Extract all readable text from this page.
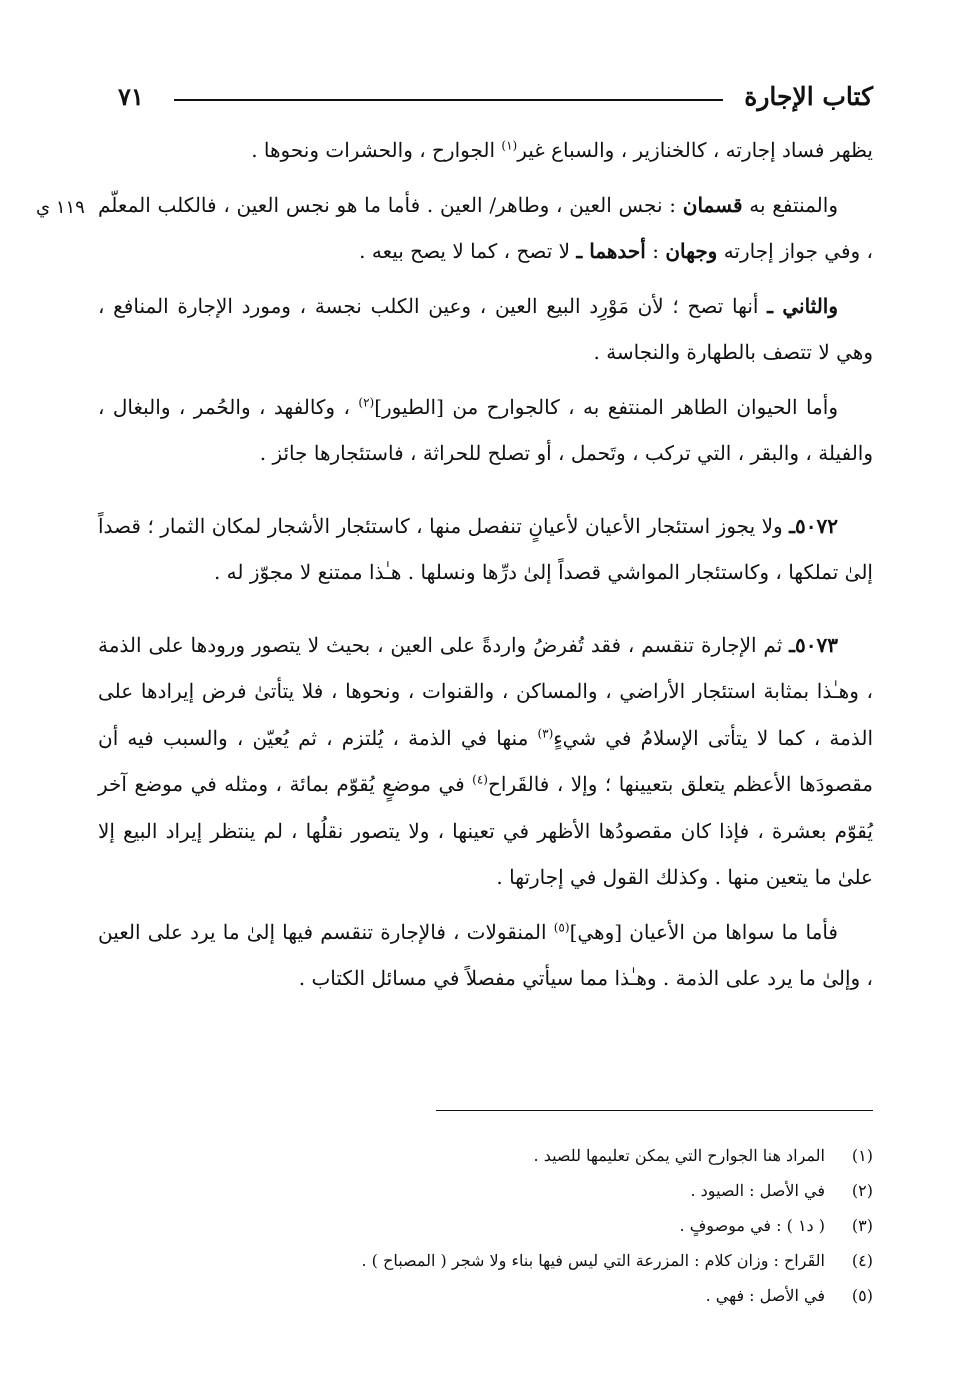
كتاب الإجارة
٧١
١١٩ ي

يظهر فساد إجارته ، كالخنازير ، والسباع غير$^{(١)}$ الجوارح ، والحشرات ونحوها .

والمنتفع به قسمان : نجس العين ، وطاهر/ العين . فأما ما هو نجس العين ، فالكلب المعلّم ، وفي جواز إجارته وجهان : أحدهما ـ لا تصح ، كما لا يصح بيعه .

والثاني ـ أنها تصح ؛ لأن مَوْرِد البيع العين ، وعين الكلب نجسة ، ومورد الإجارة المنافع ، وهي لا تتصف بالطهارة والنجاسة .

وأما الحيوان الطاهر المنتفع به ، كالجوارح من [الطيور]$^{(٢)}$ ، وكالفهد ، والحُمر ، والبغال ، والفيلة ، والبقر ، التي تركب ، وتَحمل ، أو تصلح للحراثة ، فاستئجارها جائز .

٥٠٧٢ـ ولا يجوز استئجار الأعيان لأعيانٍ تنفصل منها ، كاستئجار الأشجار لمكان الثمار ؛ قصداً إلىٰ تملكها ، وكاستئجار المواشي قصداً إلىٰ درِّها ونسلها . هـٰذا ممتنع لا مجوّز له .

٥٠٧٣ـ ثم الإجارة تنقسم ، فقد تُفرضُ واردةً على العين ، بحيث لا يتصور ورودها على الذمة ، وهـٰذا بمثابة استئجار الأراضي ، والمساكن ، والقنوات ، ونحوها ، فلا يتأتىٰ فرض إيرادها على الذمة ، كما لا يتأتى الإسلامُ في شيءٍ$^{(٣)}$ منها في الذمة ، يُلتزم ، ثم يُعيّن ، والسبب فيه أن مقصودَها الأعظم يتعلق بتعيينها ؛ وإلا ، فالقَراح$^{(٤)}$ في موضعٍ يُقوّم بمائة ، ومثله في موضع آخر يُقوّم بعشرة ، فإذا كان مقصودُها الأظهر في تعينها ، ولا يتصور نقلُها ، لم ينتظر إيراد البيع إلا علىٰ ما يتعين منها . وكذلك القول في إجارتها .

فأما ما سواها من الأعيان [وهي]$^{(٥)}$ المنقولات ، فالإجارة تنقسم فيها إلىٰ ما يرد على العين ، وإلىٰ ما يرد على الذمة . وهـٰذا مما سيأتي مفصلاً في مسائل الكتاب .

(١)
المراد هنا الجوارح التي يمكن تعليمها للصيد .
(٢)
في الأصل : الصيود .
(٣)
( د١ ) : في موصوفٍ .
(٤)
القَراح : وزان كلام : المزرعة التي ليس فيها بناء ولا شجر ( المصباح ) .
(٥)
في الأصل : فهي .
